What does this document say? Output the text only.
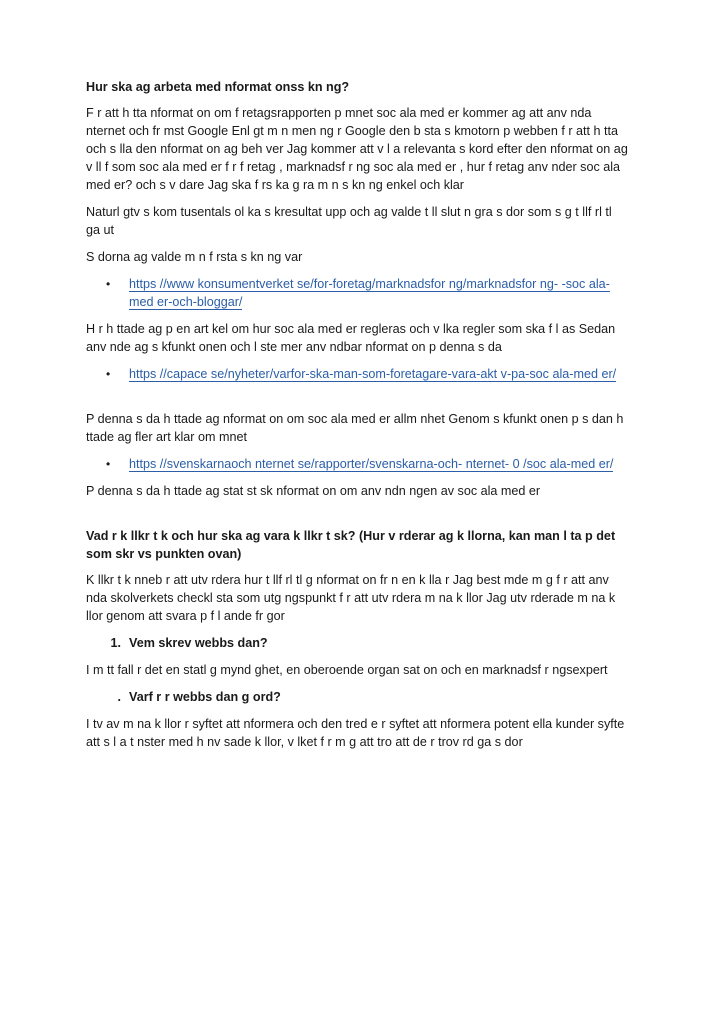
Hur ska ag arbeta med nformat onss kn ng?

F r att h tta nformat on om f retagsrapporten p mnet soc ala med er kommer ag att anv nda nternet och fr mst Google Enl gt m n men ng r Google den b sta s kmotorn p webben f r att h tta och s lla den nformat on ag beh ver Jag kommer att v l a relevanta s kord efter den nformat on ag v ll f som soc ala med er f r f retag , marknadsf r ng soc ala med er , hur f retag anv nder soc ala med er? och s v dare Jag ska f rs ka g ra m n s kn ng enkel och klar

Naturl gtv s kom tusentals ol ka s kresultat upp och ag valde t ll slut n gra s dor som s g t llf rl tl ga ut

S dorna ag valde m n f rsta s kn ng var

• https //www konsumentverket se/for-foretag/marknadsfor ng/marknadsfor ng- -soc ala-med er-och-bloggar/

H r h ttade ag p en art kel om hur soc ala med er regleras och v lka regler som ska f l as Sedan anv nde ag s kfunkt onen och l ste mer anv ndbar nformat on p denna s da

• https //capace se/nyheter/varfor-ska-man-som-foretagare-vara-akt v-pa-soc ala-med er/

P denna s da h ttade ag nformat on om soc ala med er allm nhet Genom s kfunkt onen p s dan h ttade ag fler art klar om mnet

• https //svenskarnaoch nternet se/rapporter/svenskarna-och- nternet- 0 /soc ala-med er/

P denna s da h ttade ag stat st sk nformat on om anv ndn ngen av soc ala med er

Vad r k llkr t k och hur ska ag vara k llkr t sk? (Hur v rderar ag k llorna, kan man l ta p det som skr vs punkten ovan)

K llkr t k nneb r att utv rdera hur t llf rl tl g nformat on fr n en k lla r Jag best mde m g f r att anv nda skolverkets checkl sta som utg ngspunkt f r att utv rdera m na k llor Jag utv rderade m na k llor genom att svara p f l ande fr gor

1. Vem skrev webbs dan?

I m tt fall r det en statl g mynd ghet, en oberoende organ sat on och en marknadsf r ngsexpert

. Varf r r webbs dan g ord?

I tv av m na k llor r syftet att nformera och den tred e r syftet att nformera potent ella kunder syfte att s l a t nster med h nv sade k llor, v lket f r m g att tro att de r trov rd ga s dor
